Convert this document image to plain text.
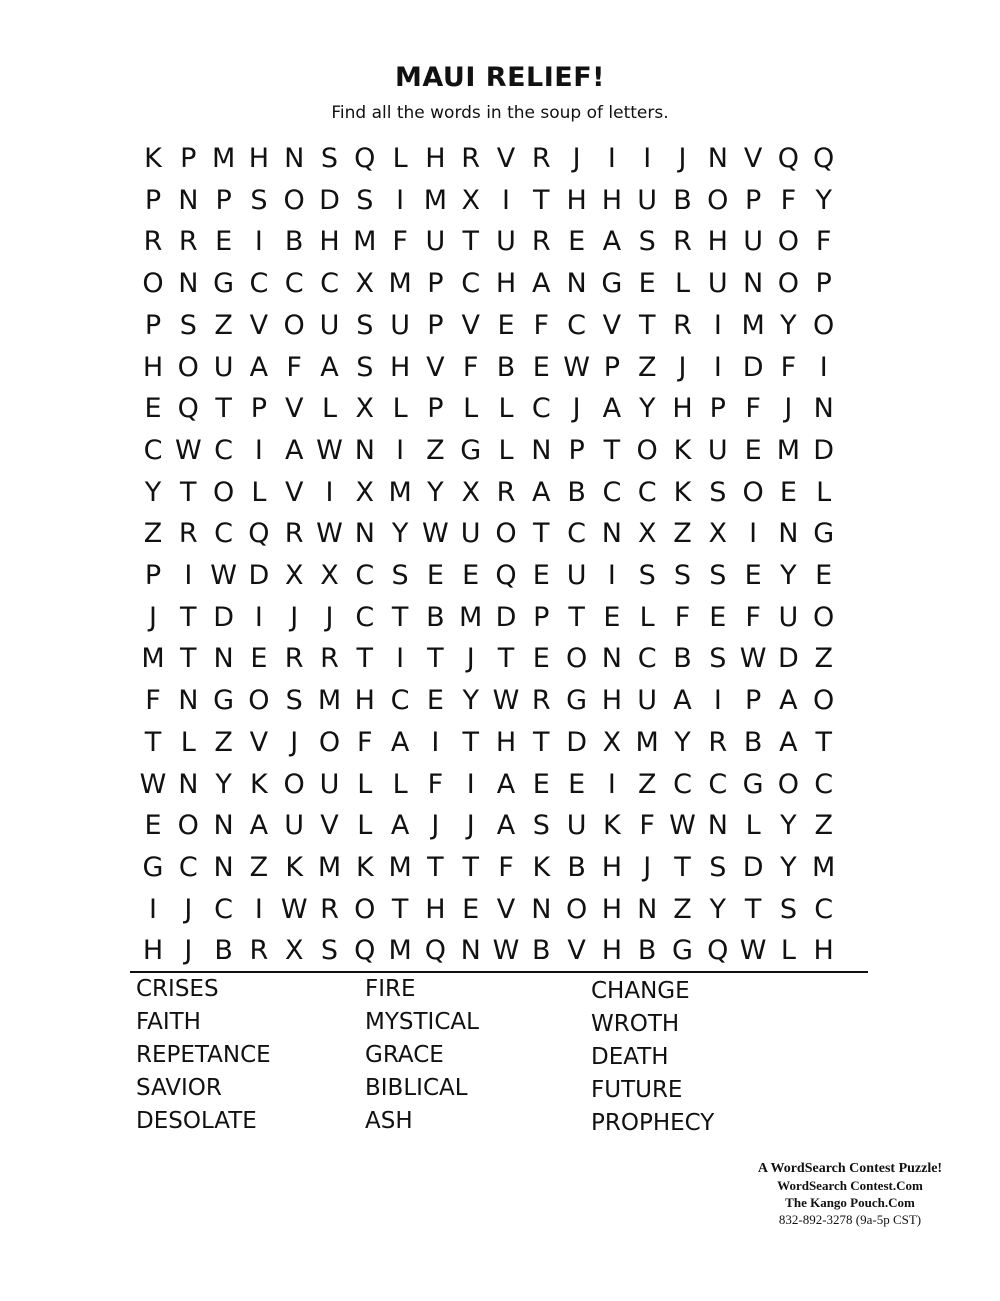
MAUI RELIEF!
Find all the words in the soup of letters.
K P M H N S Q L H R V R J	I	I	J N V Q Q
P N P S O D S I M X I T H H U B O P F Y
R R E I B H M F U T U R E A S R H U O F
O N G C C C X M P C H A N G E L U N O P
P S Z V O U S U P V E F C V T R I M Y O
H O U A F A S H V F B E W P Z J	I D F I
E Q T P V L X L P L L C J A Y H P F J N
C W C I A W N I Z G L N P T O K U E M D
Y T O L V I X M Y X R A B C C K S O E L
Z R C Q R W N Y W U O T C N X Z X I N G
P I W D X X C S E E Q E U I S S S E Y E
J T D I	J	J C T B M D P T E L F E F U O
M T N E R R T I T J T E O N C B S W D Z
F N G O S M H C E Y W R G H U A I P A O
T L Z V J O F A I T H T D X M Y R B A T
W N Y K O U L L F I A E E I Z C C G O C
E O N A U V L A J	J A S U K F W N L Y Z
G C N Z K M K M T T F K B H J T S D Y M
I	J C I W R O T H E V N O H N Z Y T S C
H J B R X S Q M Q N W B V H B G Q W L H
CRISES
FAITH
REPETANCE
SAVIOR
DESOLATE
FIRE
MYSTICAL
GRACE
BIBLICAL
ASH
CHANGE
WROTH
DEATH
FUTURE
PROPHECY
A WordSearch Contest Puzzle!
WordSearch Contest.Com
The Kango Pouch.Com
832-892-3278 (9a-5p CST)
